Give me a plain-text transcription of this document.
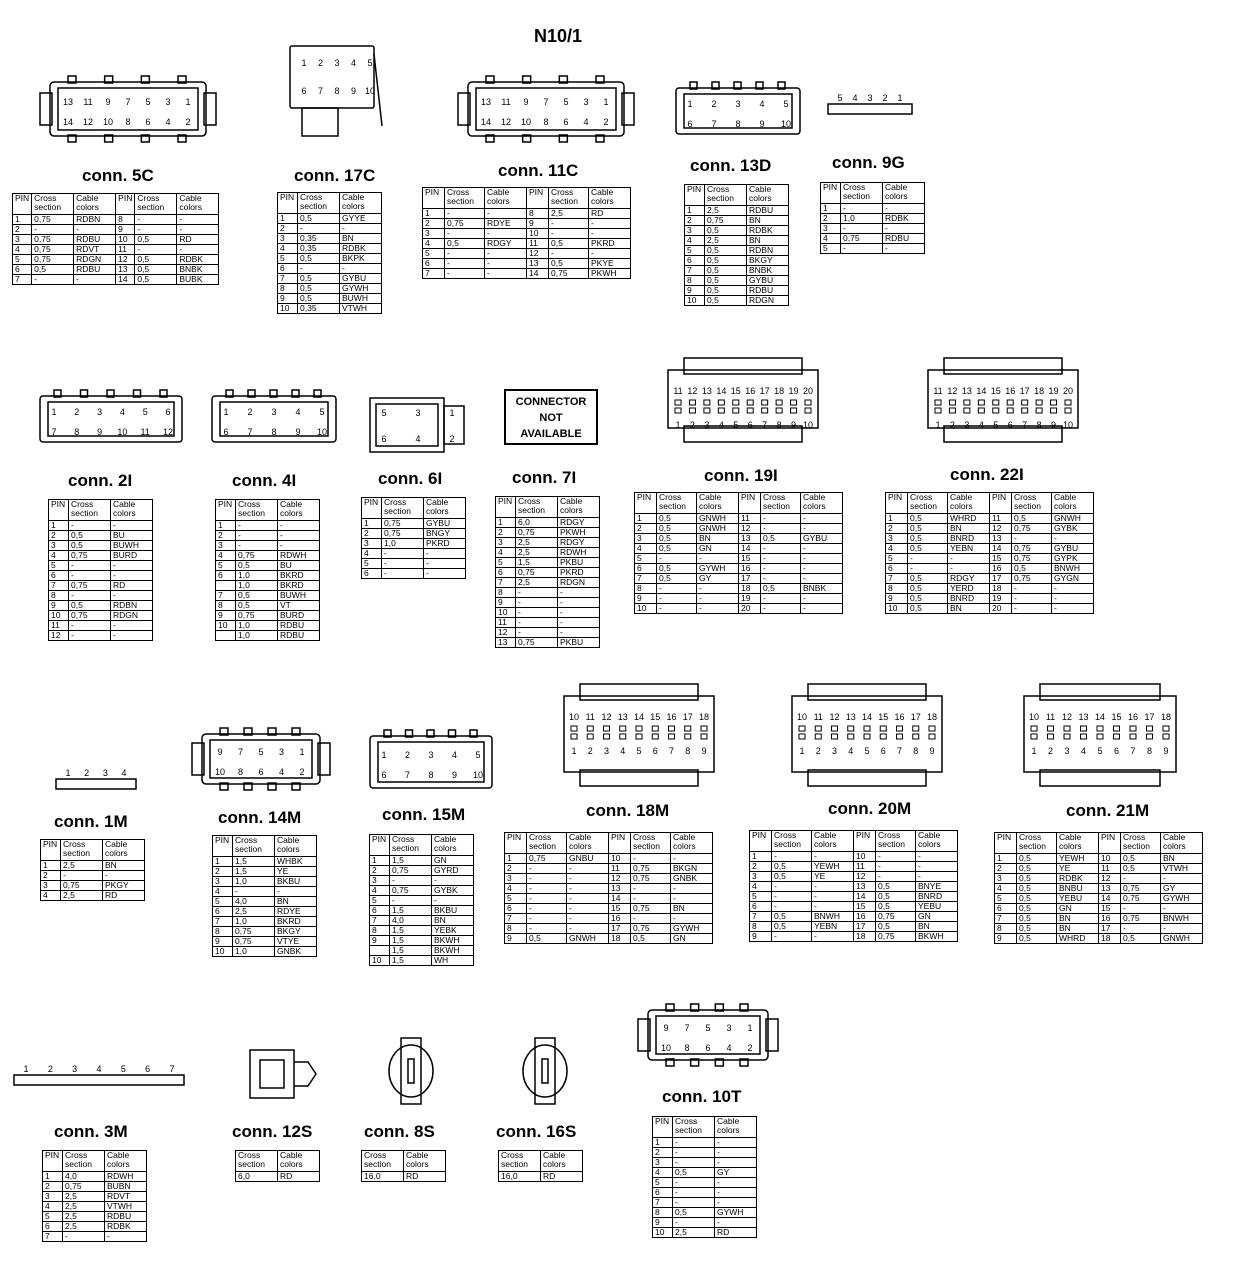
N10/1
CONNECTOR
NOT
AVAILABLE
conn. 5C
PIN	Cross section	Cable colors	PIN	Cross section	Cable colors
1	0,75	RDBN	8	-	-
2	-	-	9	-	-
3	0,75	RDBU	10	0,5	RD
4	0,75	RDVT	11	-	-
5	0,75	RDGN	12	0,5	RDBK
6	0,5	RDBU	13	0,5	BNBK
7	-	-	14	0,5	BUBK
13 11 9 7 5 3 1
14 12 10 8 6 4 2
conn. 17C
PIN	Cross section	Cable colors
1	0,5	GYYE
2	-	-
3	0,35	BN
4	0,35	RDBK
5	0,5	BKPK
6	-	-
7	0,5	GYBU
8	0,5	GYWH
9	0,5	BUWH
10	0,35	VTWH
1 2 3 4 5
6 7 8 9 10
conn. 11C
PIN	Cross section	Cable colors	PIN	Cross section	Cable colors
1	-	-	8	2,5	RD
2	0,75	RDYE	9	-	-
3	-	-	10	-	-
4	0,5	RDGY	11	0,5	PKRD
5	-	-	12	-	-
6	-	-	13	0,5	PKYE
7	-	-	14	0,75	PKWH
13 11 9 7 5 3 1
14 12 10 8 6 4 2
conn. 13D
PIN	Cross section	Cable colors
1	2,5	RDBU
2	0,75	BN
3	0,5	RDBK
4	2,5	BN
5	0,5	RDBN
6	0,5	BKGY
7	0,5	BNBK
8	0,5	GYBU
9	0,5	RDBU
10	0,5	RDGN
1 2 3 4 5
6 7 8 9 10
conn. 9G
PIN	Cross section	Cable colors
1	-	-
2	1,0	RDBK
3	-	-
4	0,75	RDBU
5	-	-
5 4 3 2 1
conn. 2I
PIN	Cross section	Cable colors
1	-	-
2	0,5	BU
3	0,5	BUWH
4	0,75	BURD
5	-	-
6	-	-
7	0,75	RD
8	-	-
9	0,5	RDBN
10	0,75	RDGN
11	-	-
12	-	-
1 2 3 4 5 6
7 8 9 10 11 12
conn. 4I
PIN	Cross section	Cable colors
1	-	-
2	-	-
3	-	-
4	0,75	RDWH
5	0,5	BU
6	1,0	BKRD
	1,0	BKRD
7	0,5	BUWH
8	0,5	VT
9	0,75	BURD
10	1,0	RDBU
	1,0	RDBU
1 2 3 4 5
6 7 8 9 10
conn. 6I
PIN	Cross section	Cable colors
1	0,75	GYBU
2	0,75	BNGY
3	1,0	PKRD
4	-	-
5	-	-
6	-	-
5	3	1
6	4	2
conn. 7I
PIN	Cross section	Cable colors
1	6,0	RDGY
2	0,75	PKWH
3	2,5	RDGY
4	2,5	RDWH
5	1,5	PKBU
6	0,75	PKRD
7	2,5	RDGN
8	-	-
9	-	-
10	-	-
11	-	-
12	-	-
13	0,75	PKBU
conn. 19I
PIN	Cross section	Cable colors	PIN	Cross section	Cable colors
1	0,5	GNWH	11	-	-
2	0,5	GNWH	12	-	-
3	0,5	BN	13	0,5	GYBU
4	0,5	GN	14	-	-
5	-	-	15	-	-
6	0,5	GYWH	16	-	-
7	0,5	GY	17	-	-
8	-	-	18	0,5	BNBK
9	-	-	19	-	-
10	-	-	20	-	-
11 12 13 14 15 16 17 18 19 20
1 2 3 4 5 6 7 8 9 10
conn. 22I
PIN	Cross section	Cable colors	PIN	Cross section	Cable colors
1	0,5	WHRD	11	0,5	GNWH
2	0,5	BN	12	0,75	GYBK
3	0,5	BNRD	13	-	-
4	0,5	YEBN	14	0,75	GYBU
5	-	-	15	0,75	GYPK
6	-	-	16	0,5	BNWH
7	0,5	RDGY	17	0,75	GYGN
8	0,5	YERD	18	-	-
9	0,5	BNRD	19	-	-
10	0,5	BN	20	-	-
11 12 13 14 15 16 17 18 19 20
1 2 3 4 5 6 7 8 9 10
conn. 1M
PIN	Cross section	Cable colors
1	2,5	BN
2	-	-
3	0,75	PKGY
4	2,5	RD
1 2 3 4
conn. 14M
PIN	Cross section	Cable colors
1	1,5	WHBK
2	1,5	YE
3	1,0	BKBU
4	-	-
5	4,0	BN
6	2,5	RDYE
7	1,0	BKRD
8	0,75	BKGY
9	0,75	VTYE
10	1,0	GNBK
9 7 5 3 1
10 8 6 4 2
conn. 15M
PIN	Cross section	Cable colors
1	1,5	GN
2	0,75	GYRD
3	-	-
4	0,75	GYBK
5	-	-
6	1,5	BKBU
7	4,0	BN
8	1,5	YEBK
9	1,5	BKWH
	1,5	BKWH
10	1,5	WH
1 2 3 4 5
6 7 8 9 10
conn. 18M
PIN	Cross section	Cable colors	PIN	Cross section	Cable colors
1	0,75	GNBU	10	-	-
2	-	-	11	0,75	BKGN
3	-	-	12	0,75	GNBK
4	-	-	13	-	-
5	-	-	14	-	-
6	-	-	15	0,75	BN
7	-	-	16	-	-
8	-	-	17	0,75	GYWH
9	0,5	GNWH	18	0,5	GN
10 11 12 13 14 15 16 17 18
1 2 3 4 5 6 7 8 9
conn. 20M
PIN	Cross section	Cable colors	PIN	Cross section	Cable colors
1	-	-	10	-	-
2	0,5	YEWH	11	-	-
3	0,5	YE	12	-	-
4	-	-	13	0,5	BNYE
5	-	-	14	0,5	BNRD
6	-	-	15	0,5	YEBU
7	0,5	BNWH	16	0,75	GN
8	0,5	YEBN	17	0,5	BN
9	-	-	18	0,75	BKWH
10 11 12 13 14 15 16 17 18
1 2 3 4 5 6 7 8 9
conn. 21M
PIN	Cross section	Cable colors	PIN	Cross section	Cable colors
1	0,5	YEWH	10	0,5	BN
2	0,5	YE	11	0,5	VTWH
3	0,5	RDBK	12	-	-
4	0,5	BNBU	13	0,75	GY
5	0,5	YEBU	14	0,75	GYWH
6	0,5	GN	15	-	-
7	0,5	BN	16	0,75	BNWH
8	0,5	BN	17	-	-
9	0,5	WHRD	18	0,5	GNWH
10 11 12 13 14 15 16 17 18
1 2 3 4 5 6 7 8 9
conn. 3M
PIN	Cross section	Cable colors
1	4,0	RDWH
2	0,75	BUBN
3	2,5	RDVT
4	2,5	VTWH
5	2,5	RDBU
6	2,5	RDBK
7	-	-
1 2 3 4 5 6 7
conn. 12S
Cross section	Cable colors
6,0	RD
conn. 8S
Cross section	Cable colors
16,0	RD
conn. 16S
Cross section	Cable colors
16,0	RD
conn. 10T
PIN	Cross section	Cable colors
1	-	-
2	-	-
3	-	-
4	0,5	GY
5	-	-
6	-	-
7	-	-
8	0,5	GYWH
9	-	-
10	2,5	RD
9 7 5 3 1
10 8 6 4 2
